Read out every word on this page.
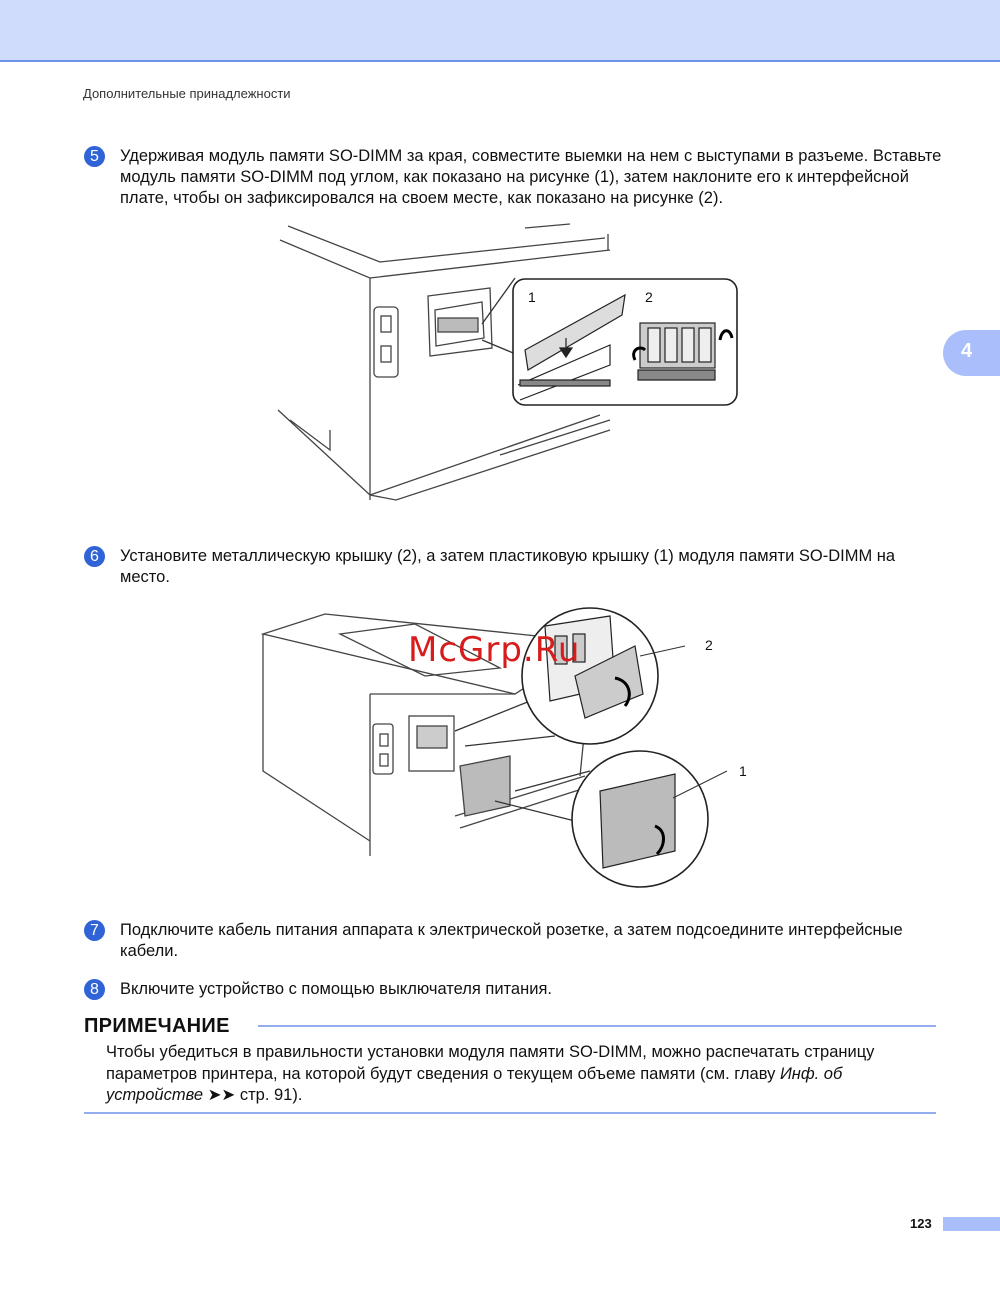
Дополнительные принадлежности
4
5	Удерживая модуль памяти SO-DIMM за края, совместите выемки на нем с выступами в разъеме. Вставьте модуль памяти SO-DIMM под углом, как показано на рисунке (1), затем наклоните его к интерфейсной плате, чтобы он зафиксировался на своем месте, как показано на рисунке (2).
1	2
6	Установите металлическую крышку (2), а затем пластиковую крышку (1) модуля памяти SO-DIMM на место.
2
1
McGrp.Ru
7	Подключите кабель питания аппарата к электрической розетке, а затем подсоедините интерфейсные кабели.
8	Включите устройство с помощью выключателя питания.
ПРИМЕЧАНИЕ
Чтобы убедиться в правильности установки модуля памяти SO-DIMM, можно распечатать страницу параметров принтера, на которой будут сведения о текущем объеме памяти (см. главу Инф. об устройстве ➤➤ стр. 91).
123
